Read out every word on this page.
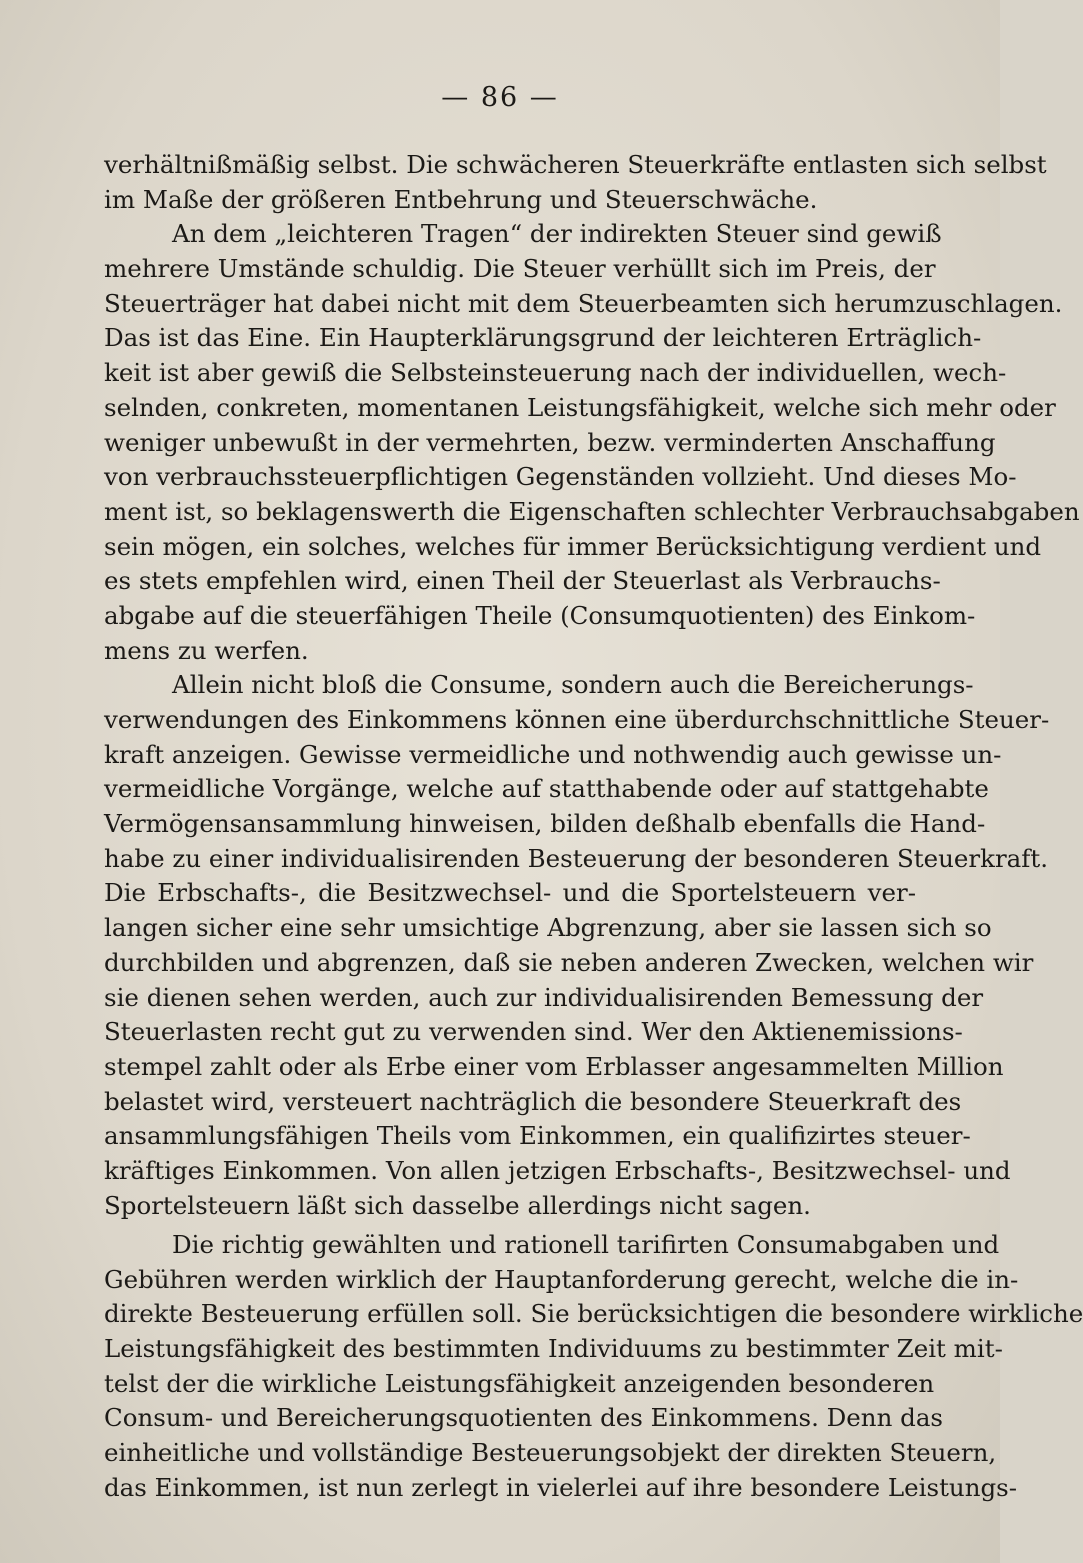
— 86 —
verhältnißmäßig selbst. Die schwächeren Steuerkräfte entlasten sich selbst
im Maße der größeren Entbehrung und Steuerschwäche.
An dem „leichteren Tragen“ der indirekten Steuer sind gewiß
mehrere Umstände schuldig. Die Steuer verhüllt sich im Preis, der
Steuerträger hat dabei nicht mit dem Steuerbeamten sich herumzuschlagen.
Das ist das Eine. Ein Haupterklärungsgrund der leichteren Erträglich-
keit ist aber gewiß die Selbsteinsteuerung nach der individuellen, wech-
selnden, conkreten, momentanen Leistungsfähigkeit, welche sich mehr oder
weniger unbewußt in der vermehrten, bezw. verminderten Anschaffung
von verbrauchssteuerpflichtigen Gegenständen vollzieht. Und dieses Mo-
ment ist, so beklagenswerth die Eigenschaften schlechter Verbrauchsabgaben
sein mögen, ein solches, welches für immer Berücksichtigung verdient und
es stets empfehlen wird, einen Theil der Steuerlast als Verbrauchs-
abgabe auf die steuerfähigen Theile (Consumquotienten) des Einkom-
mens zu werfen.
Allein nicht bloß die Consume, sondern auch die Bereicherungs-
verwendungen des Einkommens können eine überdurchschnittliche Steuer-
kraft anzeigen. Gewisse vermeidliche und nothwendig auch gewisse un-
vermeidliche Vorgänge, welche auf statthabende oder auf stattgehabte
Vermögensansammlung hinweisen, bilden deßhalb ebenfalls die Hand-
habe zu einer individualisirenden Besteuerung der besonderen Steuerkraft.
Die Erbschafts-, die Besitzwechsel- und die Sportelsteuern ver-
langen sicher eine sehr umsichtige Abgrenzung, aber sie lassen sich so
durchbilden und abgrenzen, daß sie neben anderen Zwecken, welchen wir
sie dienen sehen werden, auch zur individualisirenden Bemessung der
Steuerlasten recht gut zu verwenden sind. Wer den Aktienemissions-
stempel zahlt oder als Erbe einer vom Erblasser angesammelten Million
belastet wird, versteuert nachträglich die besondere Steuerkraft des
ansammlungsfähigen Theils vom Einkommen, ein qualifizirtes steuer-
kräftiges Einkommen. Von allen jetzigen Erbschafts-, Besitzwechsel- und
Sportelsteuern läßt sich dasselbe allerdings nicht sagen.
Die richtig gewählten und rationell tarifirten Consumabgaben und
Gebühren werden wirklich der Hauptanforderung gerecht, welche die in-
direkte Besteuerung erfüllen soll. Sie berücksichtigen die besondere wirkliche
Leistungsfähigkeit des bestimmten Individuums zu bestimmter Zeit mit-
telst der die wirkliche Leistungsfähigkeit anzeigenden besonderen
Consum- und Bereicherungsquotienten des Einkommens. Denn das
einheitliche und vollständige Besteuerungsobjekt der direkten Steuern,
das Einkommen, ist nun zerlegt in vielerlei auf ihre besondere Leistungs-
